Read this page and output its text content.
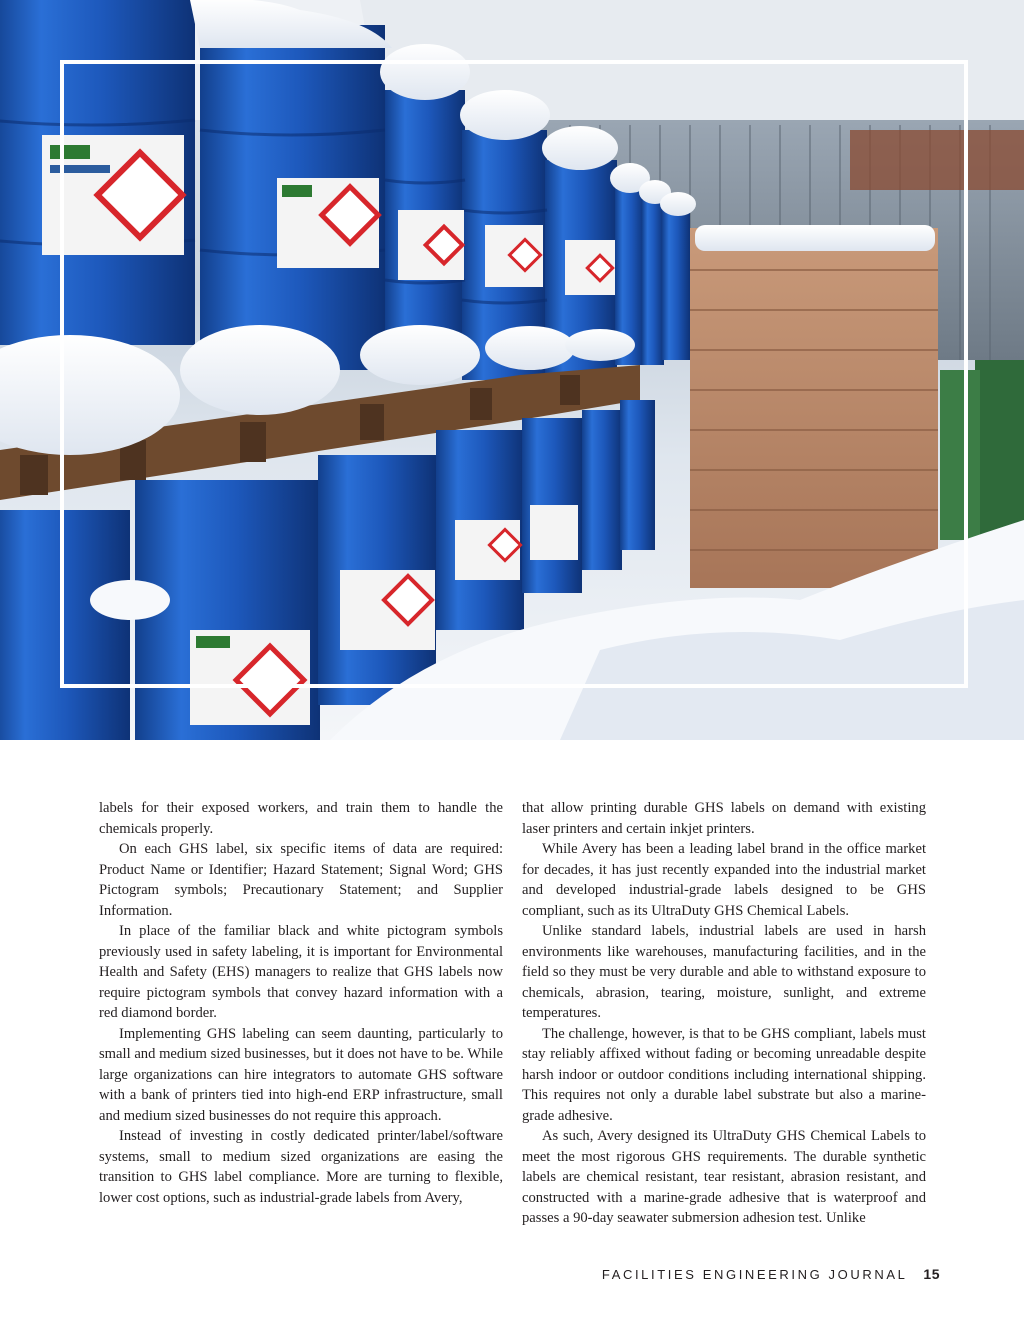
labels for their exposed workers, and train them to handle the chemicals properly.

On each GHS label, six specific items of data are required: Product Name or Identifier; Hazard Statement; Signal Word; GHS Pictogram symbols; Precautionary Statement; and Supplier Information.

In place of the familiar black and white pictogram symbols previously used in safety labeling, it is important for Environmental Health and Safety (EHS) managers to realize that GHS labels now require pictogram symbols that convey hazard information with a red diamond border.

Implementing GHS labeling can seem daunting, particularly to small and medium sized businesses, but it does not have to be. While large organizations can hire integrators to automate GHS software with a bank of printers tied into high-end ERP infrastructure, small and medium sized businesses do not require this approach.

Instead of investing in costly dedicated printer/label/software systems, small to medium sized organizations are easing the transition to GHS label compliance. More are turning to flexible, lower cost options, such as industrial-grade labels from Avery,

that allow printing durable GHS labels on demand with existing laser printers and certain inkjet printers.

While Avery has been a leading label brand in the office market for decades, it has just recently expanded into the industrial market and developed industrial-grade labels designed to be GHS compliant, such as its UltraDuty GHS Chemical Labels.

Unlike standard labels, industrial labels are used in harsh environments like warehouses, manufacturing facilities, and in the field so they must be very durable and able to withstand exposure to chemicals, abrasion, tearing, moisture, sunlight, and extreme temperatures.

The challenge, however, is that to be GHS compliant, labels must stay reliably affixed without fading or becoming unreadable despite harsh indoor or outdoor conditions including international shipping. This requires not only a durable label substrate but also a marine-grade adhesive.

As such, Avery designed its UltraDuty GHS Chemical Labels to meet the most rigorous GHS requirements. The durable synthetic labels are chemical resistant, tear resistant, abrasion resistant, and constructed with a marine-grade adhesive that is waterproof and passes a 90-day seawater submersion adhesion test. Unlike

FACILITIES ENGINEERING JOURNAL 15
